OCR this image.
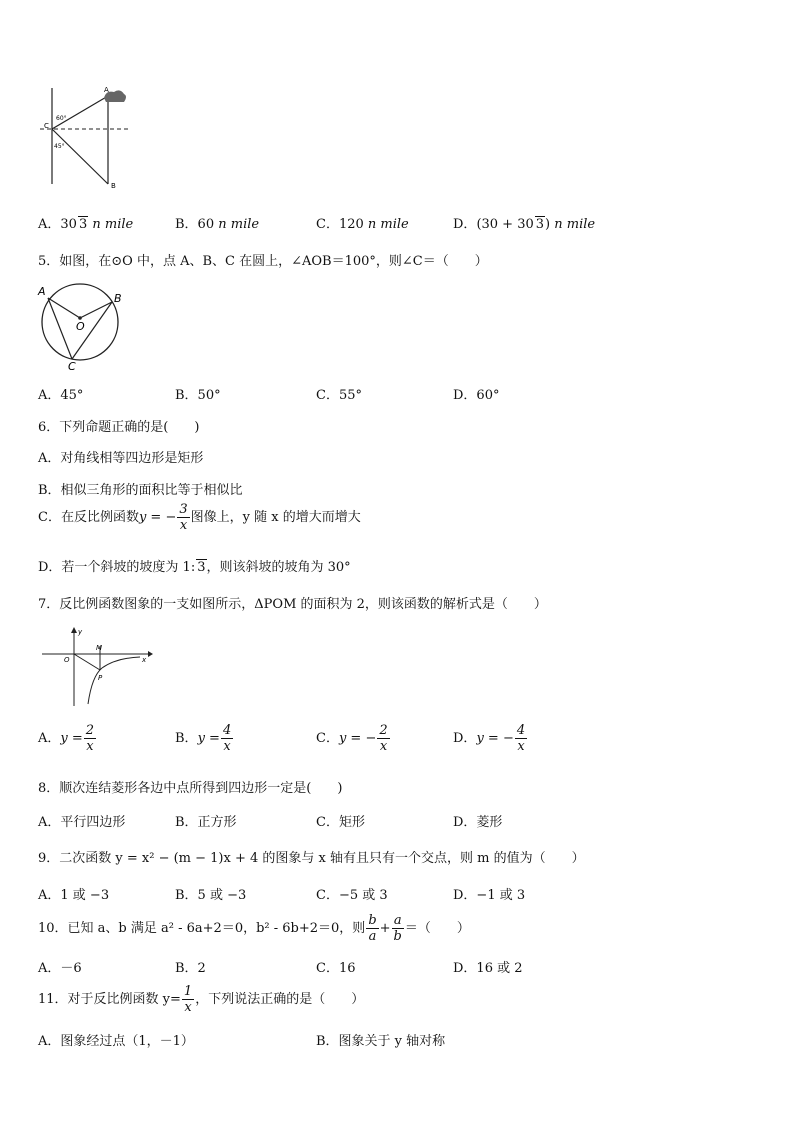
A
B
C
60°
45°
A．30 3 n mile	B．60 n mile	C．120 n mile	D．(30 + 30 3) n mile
5．如图，在⊙O 中，点 A、B、C 在圆上，∠AOB＝100°，则∠C＝（　　）
A
B
O
C
A．45°	B．50°	C．55°	D．60°
6．下列命题正确的是(　　)
A．对角线相等四边形是矩形
B．相似三角形的面积比等于相似比
C．在反比例函数y = − $\frac{3}{x}$ 图像上，y 随 x 的增大而增大
D．若一个斜坡的坡度为 1: 3，则该斜坡的坡角为 30°
7．反比例函数图象的一支如图所示，ΔPOM 的面积为 2，则该函数的解析式是（　　）
y
x
O
M
P
A．$y = \frac{2}{x}$	B．$y = \frac{4}{x}$	C．y = − $\frac{2}{x}$	D．y = − $\frac{4}{x}$
8．顺次连结菱形各边中点所得到四边形一定是(　　)
A．平行四边形	B．正方形	C．矩形	D．菱形
9．二次函数 y = x² − (m − 1)x + 4 的图象与 x 轴有且只有一个交点，则 m 的值为（　　）
A．1 或 −3	B．5 或 −3	C．−5 或 3	D．−1 或 3
10．已知 a、b 满足 a² - 6a+2＝0，b² - 6b+2＝0，则 $\frac{b}{a} + \frac{a}{b}$ ＝（　　）
A．－6	B．2	C．16	D．16 或 2
11．对于反比例函数 $y= \frac{1}{x}$ ，下列说法正确的是（　　）
A．图象经过点（1，－1）	B．图象关于 y 轴对称
